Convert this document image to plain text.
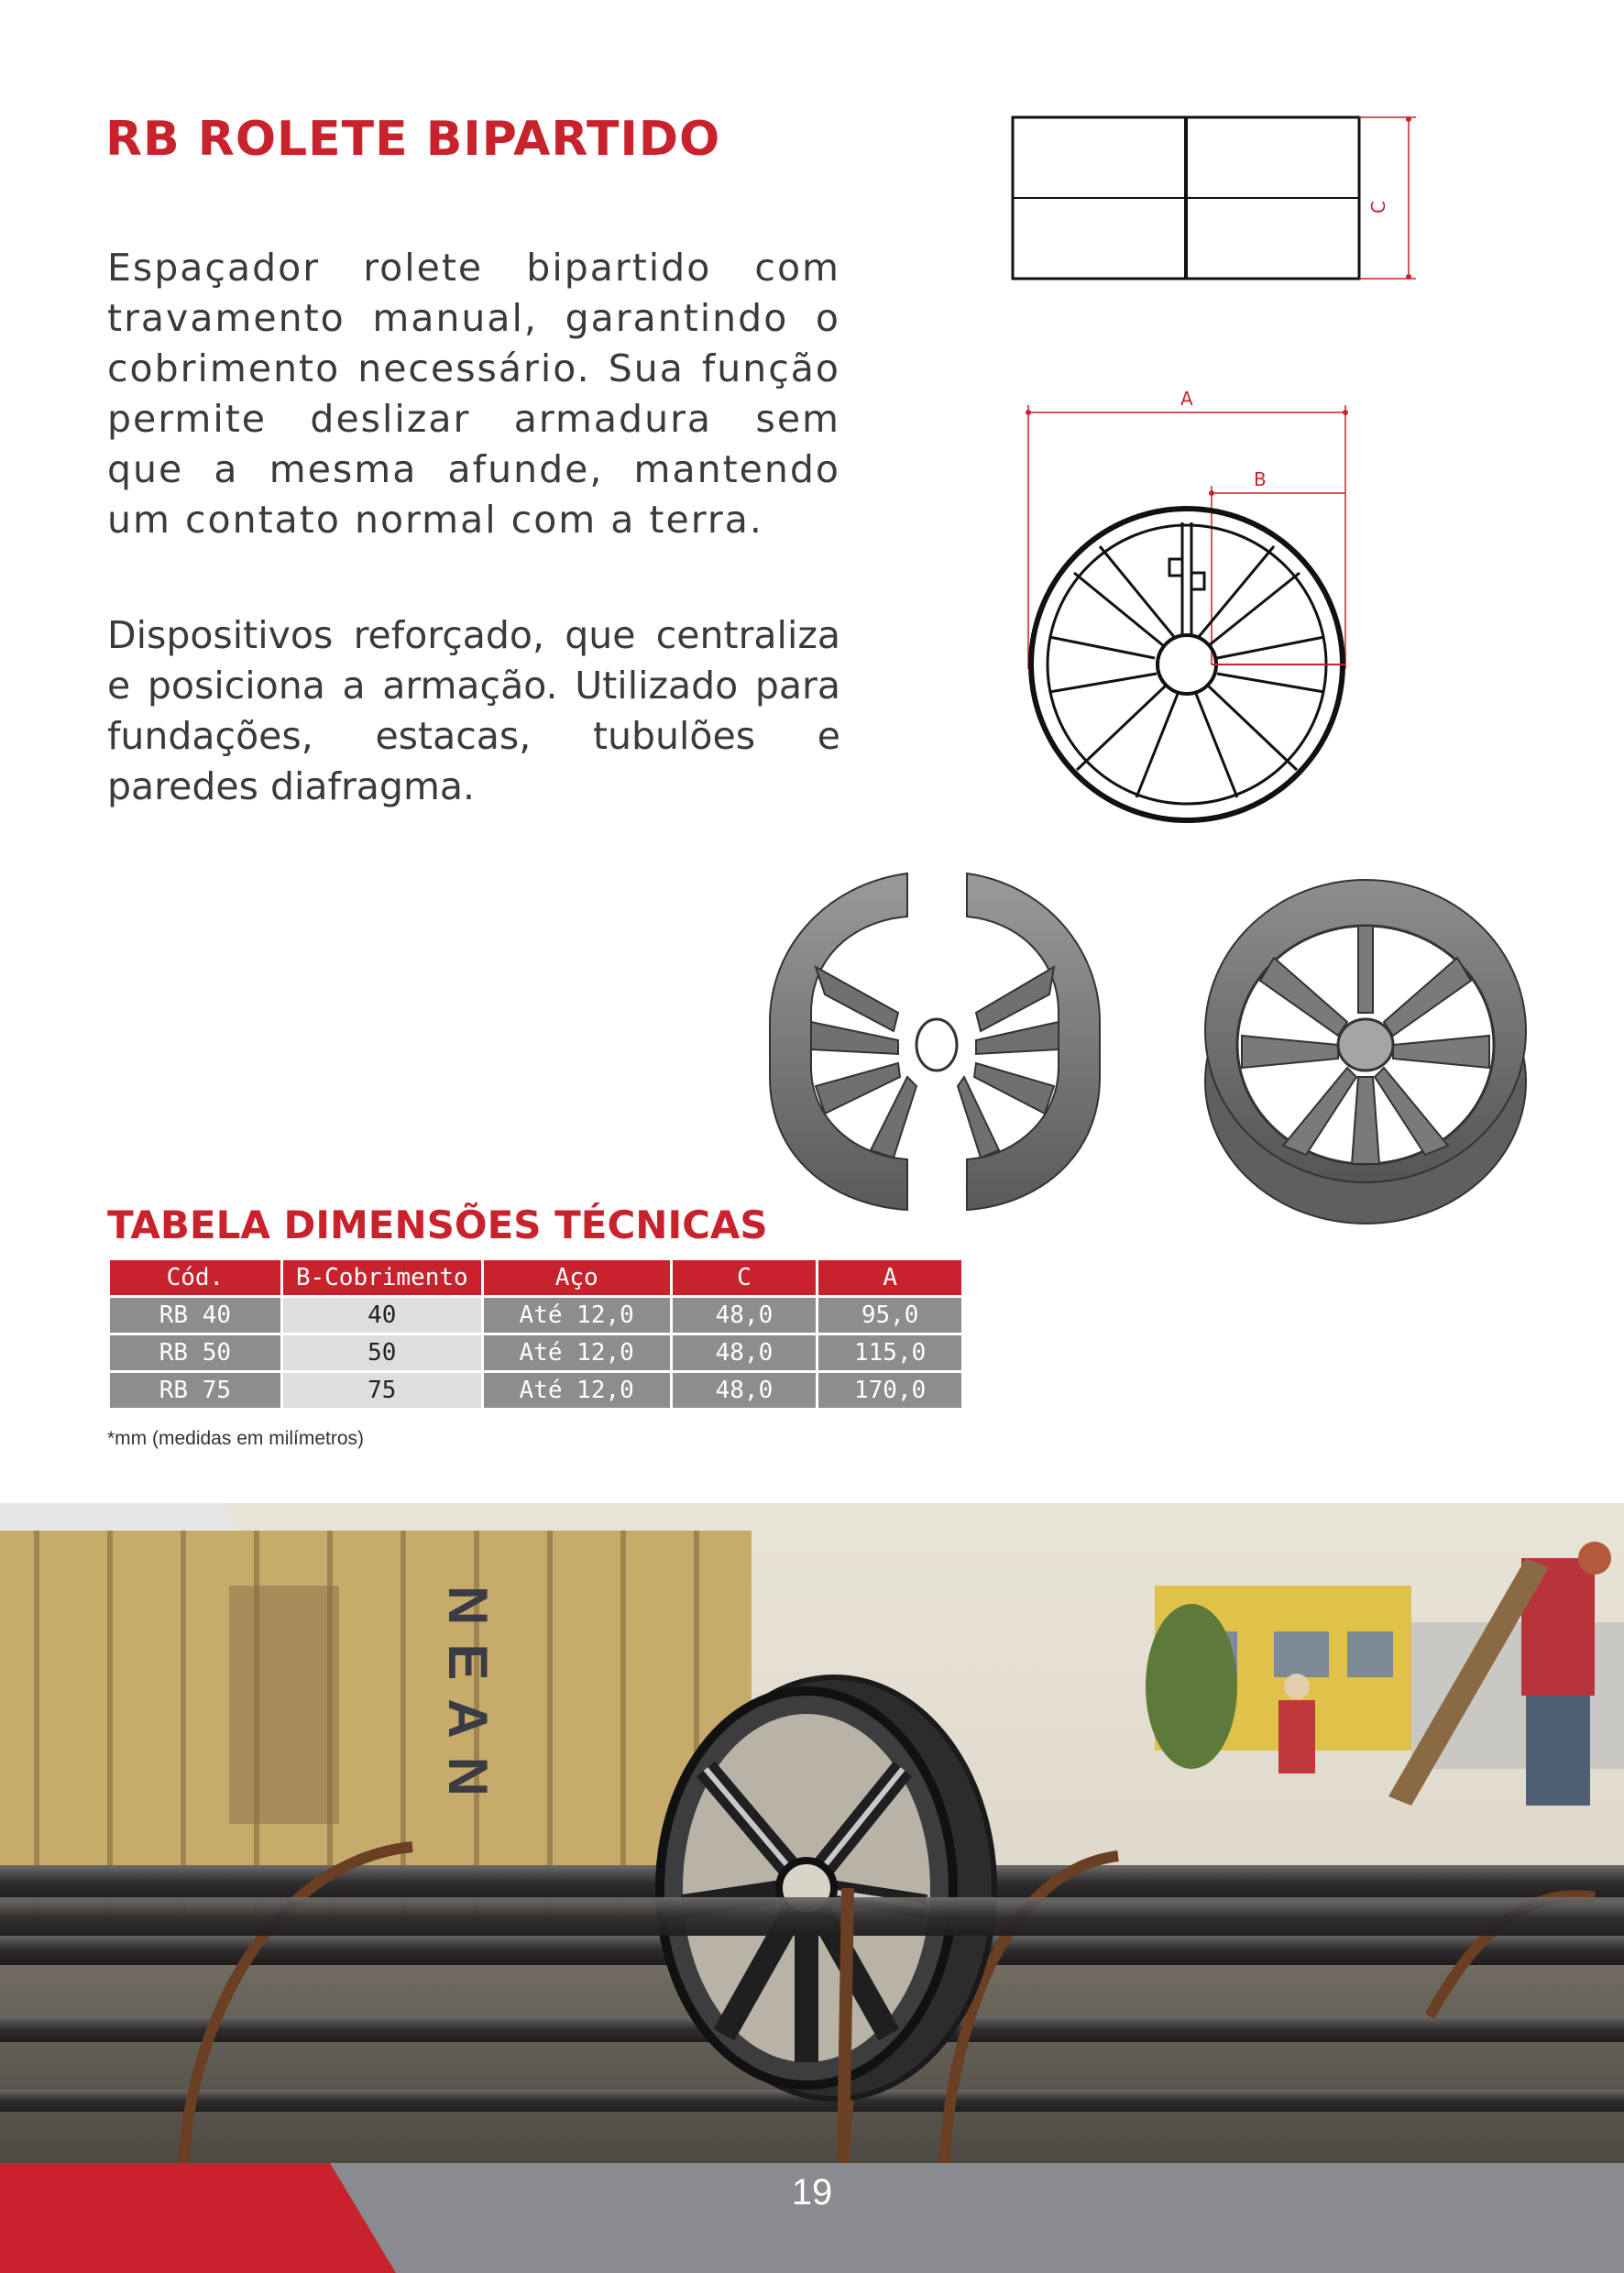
RB ROLETE BIPARTIDO
Espaçador rolete bipartido com travamento manual, garantindo o cobrimento necessário. Sua função permite deslizar armadura sem que a mesma afunde, mantendo um contato normal com a terra.
Dispositivos reforçado, que centraliza e posiciona a armação. Utilizado para fundações, estacas, tubulões e paredes diafragma.
C
A
B
TABELA DIMENSÕES TÉCNICAS
Cód.	B-Cobrimento	Aço	C	A
RB 40	40	Até 12,0	48,0	95,0
RB 50	50	Até 12,0	48,0	115,0
RB 75	75	Até 12,0	48,0	170,0
*mm (medidas em milímetros)
NEAN
19
